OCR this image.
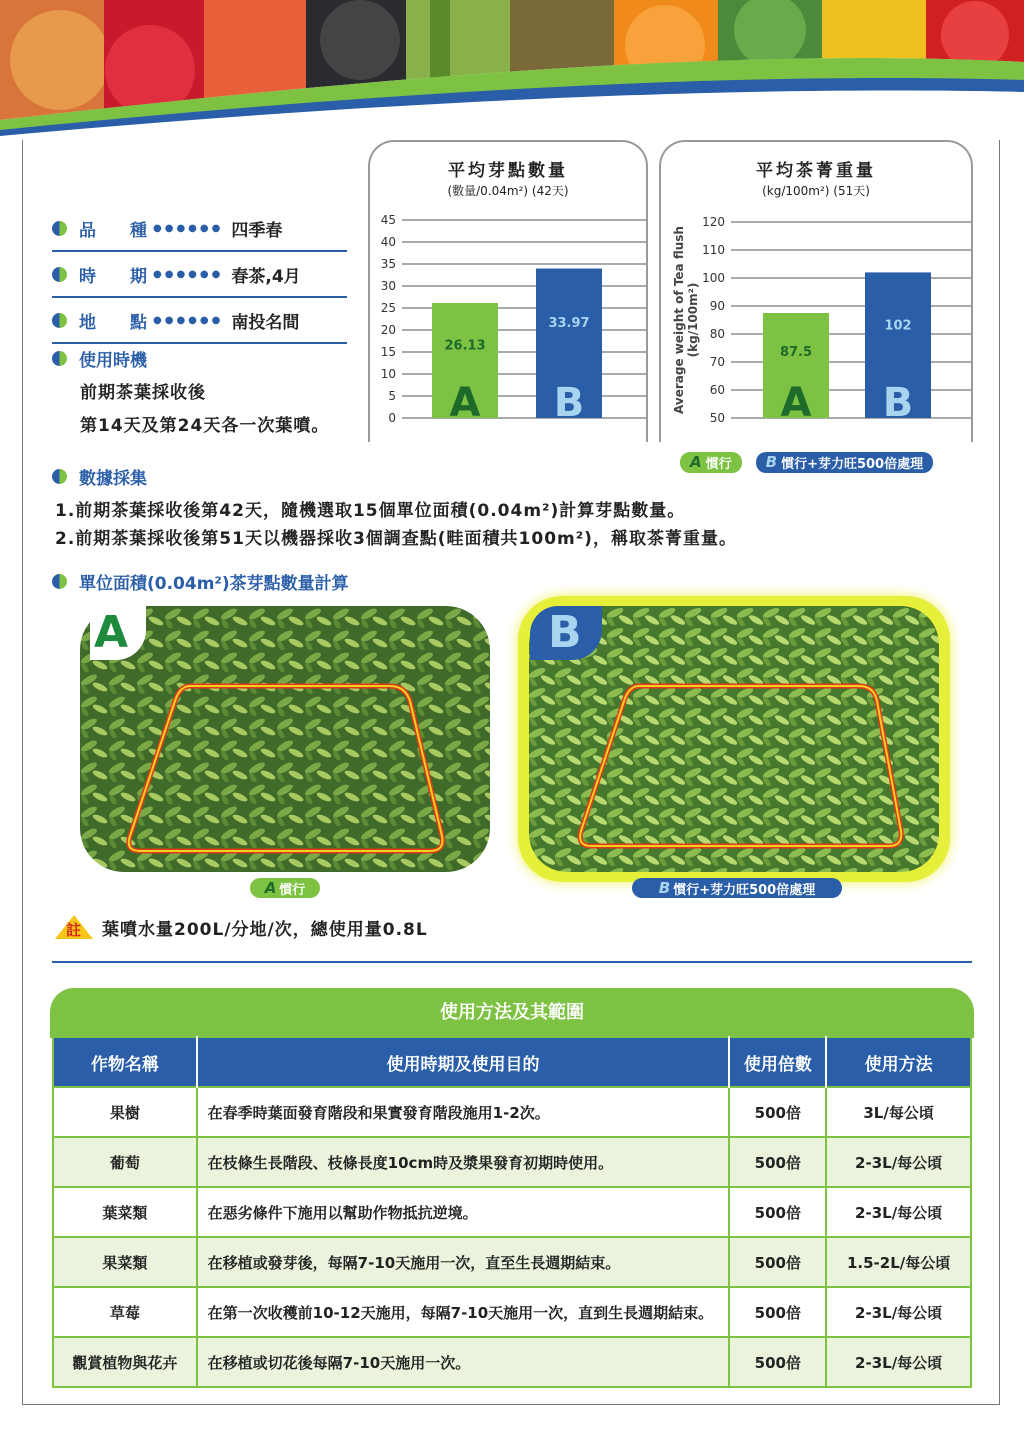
品　　種 ●●●●●● 四季春
時　　期 ●●●●●● 春茶,4月
地　　點 ●●●●●● 南投名間
使用時機
前期茶葉採收後
第14天及第24天各一次葉噴。
平均芽點數量
(數量/0.04m²) (42天)
0
5
10
15
20
25
30
35
40
45
26.13
A
33.97
B
平均茶菁重量
(kg/100m²) (51天)
50
60
70
80
90
100
110
120
Average weight of Tea flush (kg/100m²)	87.5
A
102
B
A 慣行 B 慣行+芽力旺500倍處理
數據採集
1.前期茶葉採收後第42天，隨機選取15個單位面積(0.04m²)計算芽點數量。
2.前期茶葉採收後第51天以機器採收3個調查點(畦面積共100m²)，稱取茶菁重量。
單位面積(0.04m²)茶芽點數量計算
A	B
A 慣行	B 慣行+芽力旺500倍處理
註 葉噴水量200L/分地/次，總使用量0.8L
使用方法及其範圍
作物名稱	使用時期及使用目的	使用倍數	使用方法
果樹	在春季時葉面發育階段和果實發育階段施用1-2次。	500倍	3L/每公頃
葡萄	在枝條生長階段、枝條長度10cm時及漿果發育初期時使用。	500倍	2-3L/每公頃
葉菜類	在惡劣條件下施用以幫助作物抵抗逆境。	500倍	2-3L/每公頃
果菜類	在移植或發芽後，每隔7-10天施用一次，直至生長週期結束。	500倍	1.5-2L/每公頃
草莓	在第一次收穫前10-12天施用，每隔7-10天施用一次，直到生長週期結束。	500倍	2-3L/每公頃
觀賞植物與花卉	在移植或切花後每隔7-10天施用一次。	500倍	2-3L/每公頃
